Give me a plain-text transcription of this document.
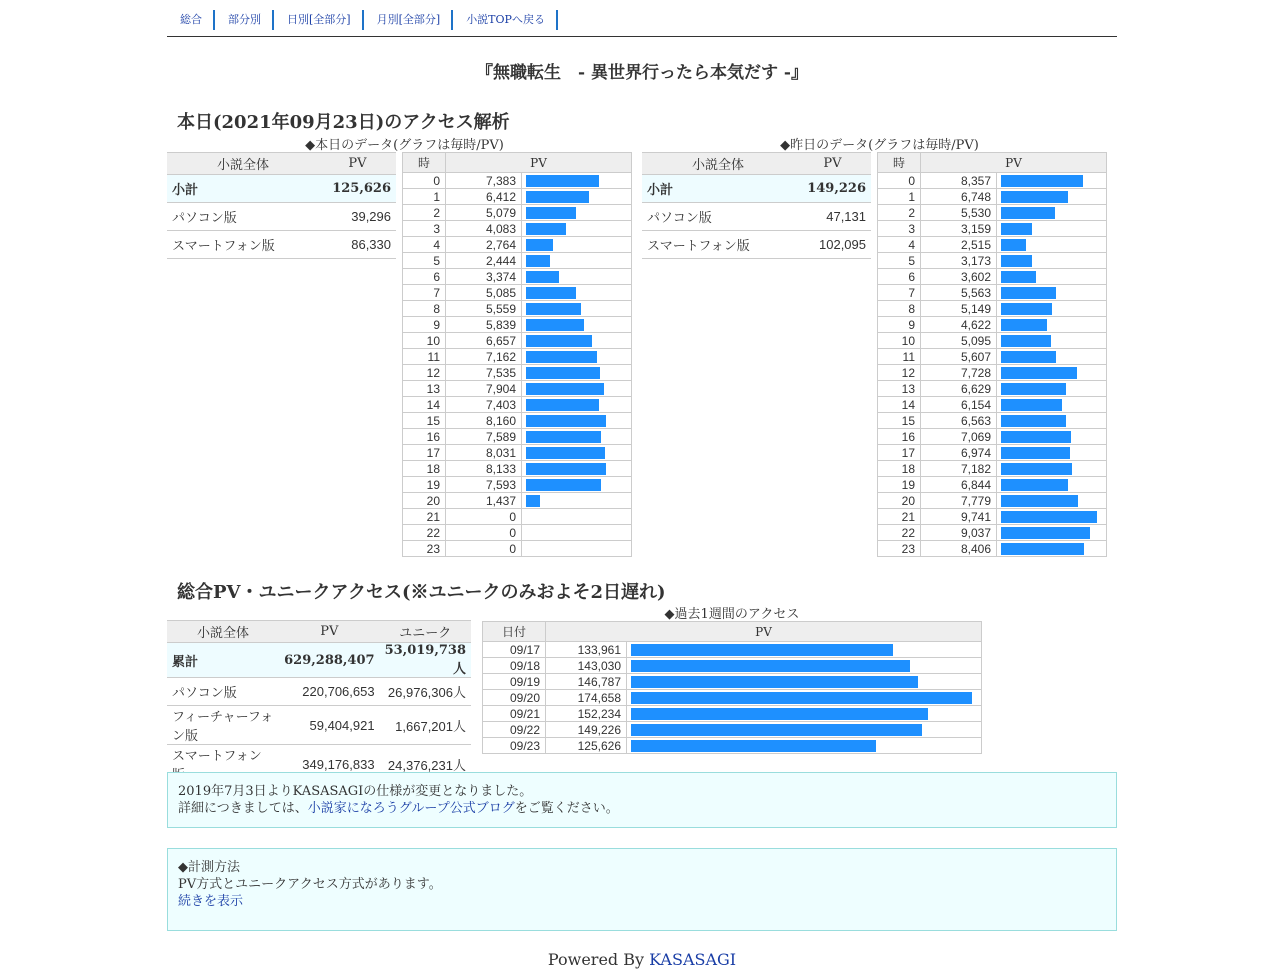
総合	部分別	日別[全部分]	月別[全部分]	小説TOPへ戻る
『無職転生　- 異世界行ったら本気だす -』
本日(2021年09月23日)のアクセス解析
◆本日のデータ(グラフは毎時/PV)
小説全体	PV
小計	125,626
パソコン版	39,296
スマートフォン版	86,330
時	PV	
0	7,383	

1	6,412	

2	5,079	

3	4,083	

4	2,764	

5	2,444	

6	3,374	

7	5,085	

8	5,559	

9	5,839	

10	6,657	

11	7,162	

12	7,535	

13	7,904	

14	7,403	

15	8,160	

16	7,589	

17	8,031	

18	8,133	

19	7,593	

20	1,437	

21	0	
22	0	
23	0	
◆昨日のデータ(グラフは毎時/PV)
小説全体	PV
小計	149,226
パソコン版	47,131
スマートフォン版	102,095
時	PV	
0	8,357	

1	6,748	

2	5,530	

3	3,159	

4	2,515	

5	3,173	

6	3,602	

7	5,563	

8	5,149	

9	4,622	

10	5,095	

11	5,607	

12	7,728	

13	6,629	

14	6,154	

15	6,563	

16	7,069	

17	6,974	

18	7,182	

19	6,844	

20	7,779	

21	9,741	

22	9,037	

23	8,406	
総合PV・ユニークアクセス(※ユニークのみおよそ2日遅れ)
小説全体	PV	ユニーク
累計	629,288,407	53,019,738人
パソコン版	220,706,653	26,976,306人
フィーチャーフォン版	59,404,921	1,667,201人
スマートフォン	349,176,833	24,376,231人
◆過去1週間のアクセス
日付	PV	
09/17	133,961	

09/18	143,030	

09/19	146,787	

09/20	174,658	

09/21	152,234	

09/22	149,226	

09/23	125,626	
2019年7月3日よりKASASAGIの仕様が変更となりました。
詳細につきましては、小説家になろうグループ公式ブログをご覧ください。
◆計測方法
PV方式とユニークアクセス方式があります。
続きを表示
Powered By KASASAGI
